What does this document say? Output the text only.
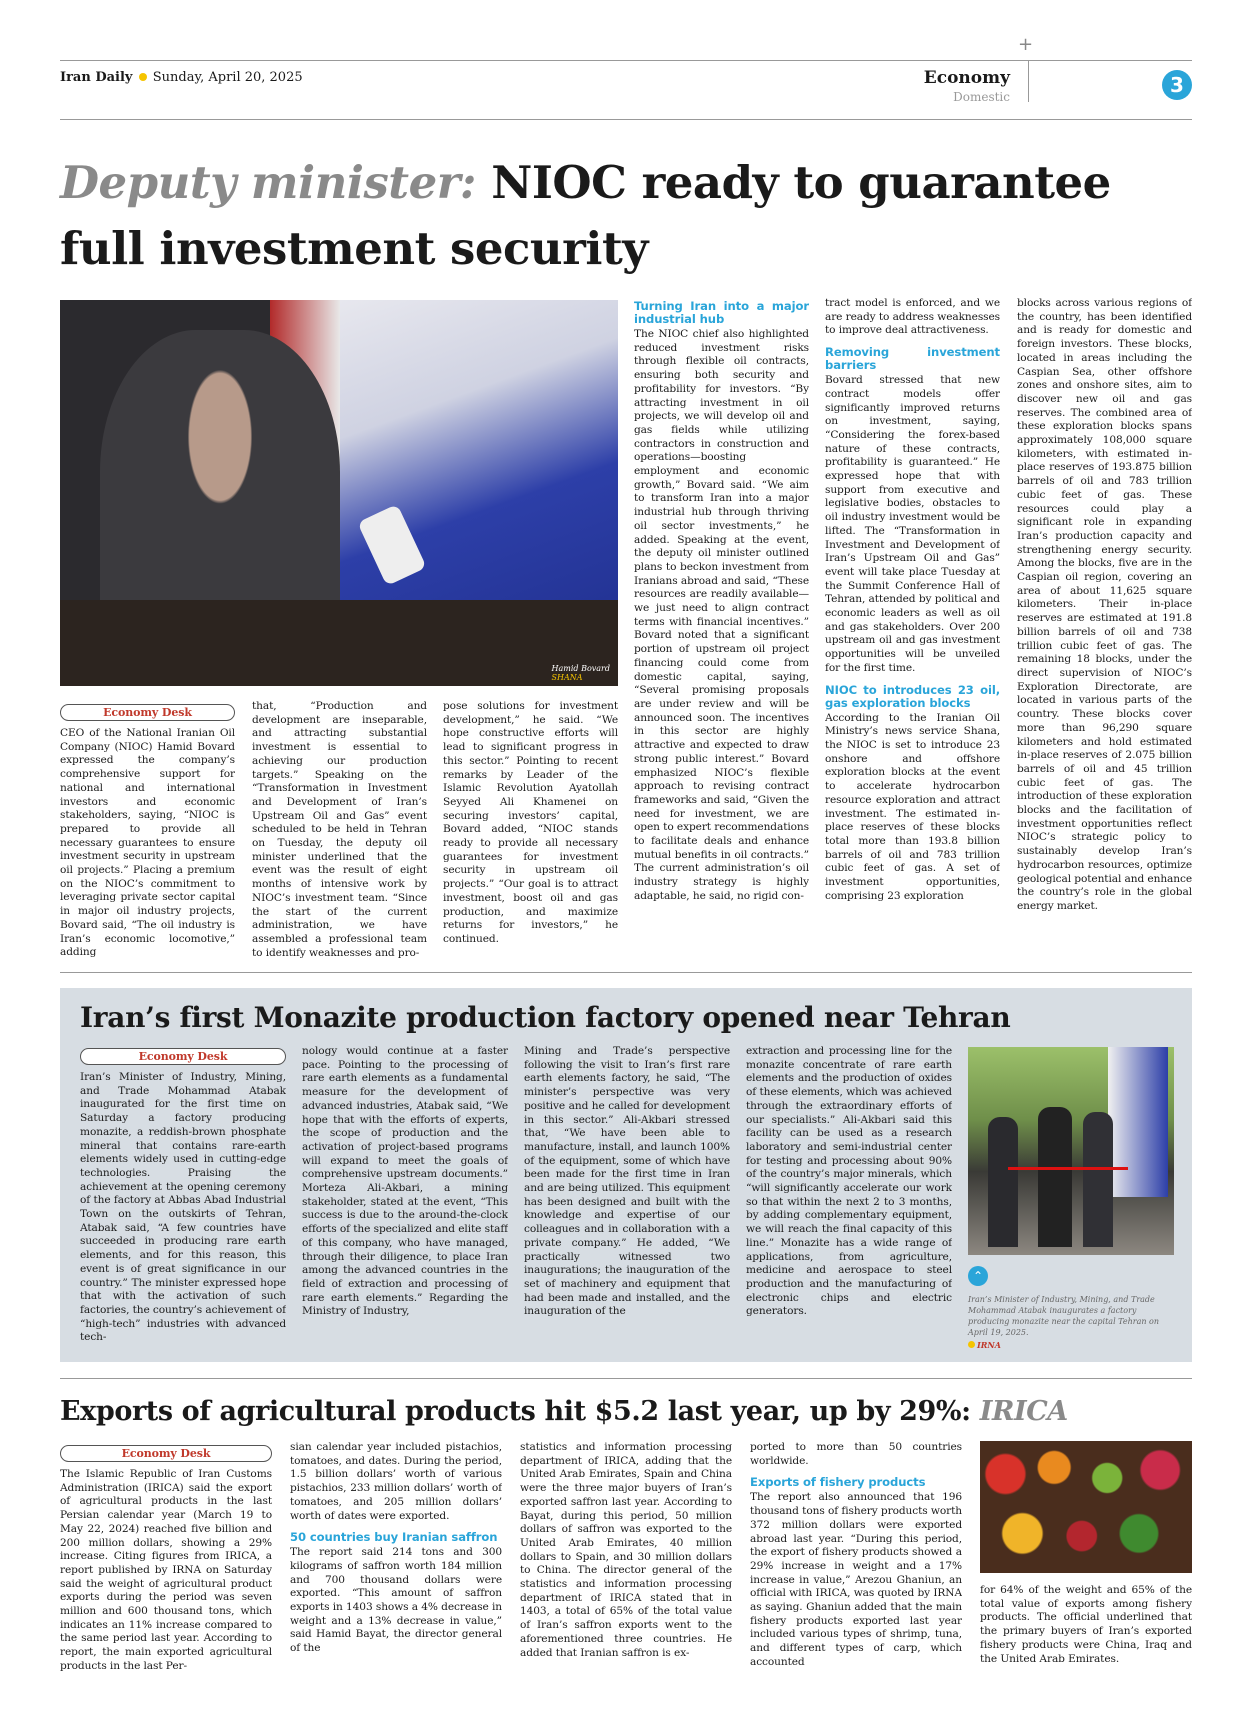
+
Iran Daily Sunday, April 20, 2025	Economy
Domestic	3
Deputy minister: NIOC ready to guarantee
full investment security
Hamid Bovard
SHANA
Economy Desk

CEO of the National Iranian Oil Company (NIOC) Hamid Bovard expressed the company’s comprehensive support for national and international investors and economic stakeholders, saying, “NIOC is prepared to provide all necessary guarantees to ensure investment security in upstream oil projects.” Placing a premium on the NIOC’s commitment to leveraging private sector capital in major oil industry projects, Bovard said, “The oil industry is Iran’s economic locomotive,” adding

that, “Production and development are inseparable, and attracting substantial investment is essential to achieving our production targets.” Speaking on the “Transformation in Investment and Development of Iran’s Upstream Oil and Gas” event scheduled to be held in Tehran on Tuesday, the deputy oil minister underlined that the event was the result of eight months of intensive work by NIOC’s investment team. “Since the start of the current administration, we have assembled a professional team to identify weaknesses and pro-

pose solutions for investment development,” he said. “We hope constructive efforts will lead to significant progress in this sector.” Pointing to recent remarks by Leader of the Islamic Revolution Ayatollah Seyyed Ali Khamenei on securing investors’ capital, Bovard added, “NIOC stands ready to provide all necessary guarantees for investment security in upstream oil projects.” “Our goal is to attract investment, boost oil and gas production, and maximize returns for investors,” he continued.

Turning Iran into a major industrial hub

The NIOC chief also highlighted reduced investment risks through flexible oil contracts, ensuring both security and profitability for investors. “By attracting investment in oil projects, we will develop oil and gas fields while utilizing contractors in construction and operations—boosting employment and economic growth,” Bovard said. “We aim to transform Iran into a major industrial hub through thriving oil sector investments,” he added. Speaking at the event, the deputy oil minister outlined plans to beckon investment from Iranians abroad and said, “These resources are readily available—we just need to align contract terms with financial incentives.” Bovard noted that a significant portion of upstream oil project financing could come from domestic capital, saying, “Several promising proposals are under review and will be announced soon. The incentives in this sector are highly attractive and expected to draw strong public interest.” Bovard emphasized NIOC’s flexible approach to revising contract frameworks and said, “Given the need for investment, we are open to expert recommendations to facilitate deals and enhance mutual benefits in oil contracts.” The current administration’s oil industry strategy is highly adaptable, he said, no rigid con-

tract model is enforced, and we are ready to address weaknesses to improve deal attractiveness.

Removing investment barriers

Bovard stressed that new contract models offer significantly improved returns on investment, saying, “Considering the forex-based nature of these contracts, profitability is guaranteed.” He expressed hope that with support from executive and legislative bodies, obstacles to oil industry investment would be lifted. The “Transformation in Investment and Development of Iran’s Upstream Oil and Gas” event will take place Tuesday at the Summit Conference Hall of Tehran, attended by political and economic leaders as well as oil and gas stakeholders. Over 200 upstream oil and gas investment opportunities will be unveiled for the first time.

NIOC to introduces 23 oil, gas exploration blocks

According to the Iranian Oil Ministry’s news service Shana, the NIOC is set to introduce 23 onshore and offshore exploration blocks at the event to accelerate hydrocarbon resource exploration and attract investment. The estimated in-place reserves of these blocks total more than 193.8 billion barrels of oil and 783 trillion cubic feet of gas. A set of investment opportunities, comprising 23 exploration

blocks across various regions of the country, has been identified and is ready for domestic and foreign investors. These blocks, located in areas including the Caspian Sea, other offshore zones and onshore sites, aim to discover new oil and gas reserves. The combined area of these exploration blocks spans approximately 108,000 square kilometers, with estimated in-place reserves of 193.875 billion barrels of oil and 783 trillion cubic feet of gas. These resources could play a significant role in expanding Iran’s production capacity and strengthening energy security. Among the blocks, five are in the Caspian oil region, covering an area of about 11,625 square kilometers. Their in-place reserves are estimated at 191.8 billion barrels of oil and 738 trillion cubic feet of gas. The remaining 18 blocks, under the direct supervision of NIOC’s Exploration Directorate, are located in various parts of the country. These blocks cover more than 96,290 square kilometers and hold estimated in-place reserves of 2.075 billion barrels of oil and 45 trillion cubic feet of gas. The introduction of these exploration blocks and the facilitation of investment opportunities reflect NIOC’s strategic policy to sustainably develop Iran’s hydrocarbon resources, optimize geological potential and enhance the country’s role in the global energy market.

Iran’s first Monazite production factory opened near Tehran
Economy Desk

Iran’s Minister of Industry, Mining, and Trade Mohammad Atabak inaugurated for the first time on Saturday a factory producing monazite, a reddish-brown phosphate mineral that contains rare-earth elements widely used in cutting-edge technologies. Praising the achievement at the opening ceremony of the factory at Abbas Abad Industrial Town on the outskirts of Tehran, Atabak said, “A few countries have succeeded in producing rare earth elements, and for this reason, this event is of great significance in our country.” The minister expressed hope that with the activation of such factories, the country’s achievement of “high-tech” industries with advanced tech-

nology would continue at a faster pace. Pointing to the processing of rare earth elements as a fundamental measure for the development of advanced industries, Atabak said, “We hope that with the efforts of experts, the scope of production and the activation of project-based programs will expand to meet the goals of comprehensive upstream documents.” Morteza Ali-Akbari, a mining stakeholder, stated at the event, “This success is due to the around-the-clock efforts of the specialized and elite staff of this company, who have managed, through their diligence, to place Iran among the advanced countries in the field of extraction and processing of rare earth elements.” Regarding the Ministry of Industry,

Mining and Trade’s perspective following the visit to Iran’s first rare earth elements factory, he said, “The minister’s perspective was very positive and he called for development in this sector.” Ali-Akbari stressed that, “We have been able to manufacture, install, and launch 100% of the equipment, some of which have been made for the first time in Iran and are being utilized. This equipment has been designed and built with the knowledge and expertise of our colleagues and in collaboration with a private company.” He added, “We practically witnessed two inaugurations; the inauguration of the set of machinery and equipment that had been made and installed, and the inauguration of the

extraction and processing line for the monazite concentrate of rare earth elements and the production of oxides of these elements, which was achieved through the extraordinary efforts of our specialists.” Ali-Akbari said this facility can be used as a research laboratory and semi-industrial center for testing and processing about 90% of the country’s major minerals, which “will significantly accelerate our work so that within the next 2 to 3 months, by adding complementary equipment, we will reach the final capacity of this line.” Monazite has a wide range of applications, from agriculture, medicine and aerospace to steel production and the manufacturing of electronic chips and electric generators.

⌃
Iran’s Minister of Industry, Mining, and Trade Mohammad Atabak inaugurates a factory producing monazite near the capital Tehran on April 19, 2025.
IRNA
Exports of agricultural products hit $5.2 last year, up by 29%: IRICA
Economy Desk

The Islamic Republic of Iran Customs Administration (IRICA) said the export of agricultural products in the last Persian calendar year (March 19 to May 22, 2024) reached five billion and 200 million dollars, showing a 29% increase. Citing figures from IRICA, a report published by IRNA on Saturday said the weight of agricultural product exports during the period was seven million and 600 thousand tons, which indicates an 11% increase compared to the same period last year. According to report, the main exported agricultural products in the last Per-

sian calendar year included pistachios, tomatoes, and dates. During the period, 1.5 billion dollars’ worth of various pistachios, 233 million dollars’ worth of tomatoes, and 205 million dollars’ worth of dates were exported.

50 countries buy Iranian saffron

The report said 214 tons and 300 kilograms of saffron worth 184 million and 700 thousand dollars were exported. “This amount of saffron exports in 1403 shows a 4% decrease in weight and a 13% decrease in value,” said Hamid Bayat, the director general of the

statistics and information processing department of IRICA, adding that the United Arab Emirates, Spain and China were the three major buyers of Iran’s exported saffron last year. According to Bayat, during this period, 50 million dollars of saffron was exported to the United Arab Emirates, 40 million dollars to Spain, and 30 million dollars to China. The director general of the statistics and information processing department of IRICA stated that in 1403, a total of 65% of the total value of Iran’s saffron exports went to the aforementioned three countries. He added that Iranian saffron is ex-

ported to more than 50 countries worldwide.

Exports of fishery products

The report also announced that 196 thousand tons of fishery products worth 372 million dollars were exported abroad last year. “During this period, the export of fishery products showed a 29% increase in weight and a 17% increase in value,” Arezou Ghaniun, an official with IRICA, was quoted by IRNA as saying. Ghaniun added that the main fishery products exported last year included various types of shrimp, tuna, and different types of carp, which accounted

for 64% of the weight and 65% of the total value of exports among fishery products. The official underlined that the primary buyers of Iran’s exported fishery products were China, Iraq and the United Arab Emirates.
